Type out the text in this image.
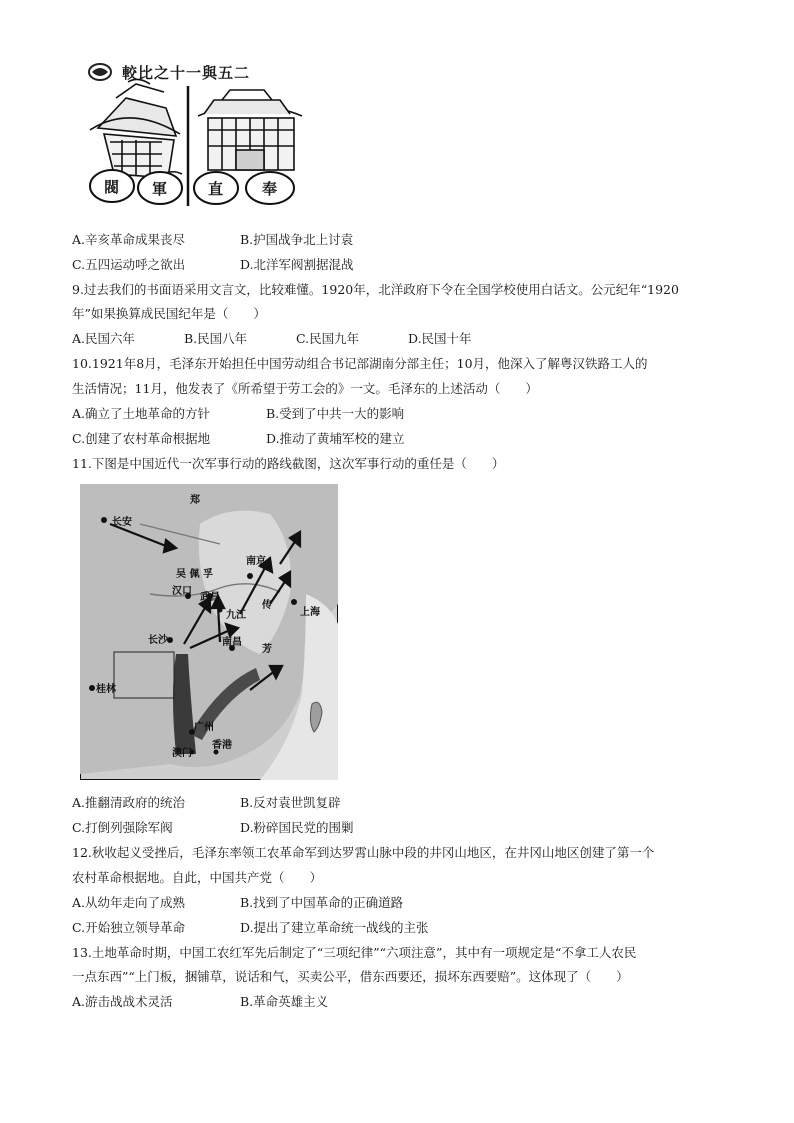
較比之十一與五二
閥 軍	直	奉
A.辛亥革命成果丧尽	B.护国战争北上讨袁
C.五四运动呼之欲出	D.北洋军阀割据混战
9.过去我们的书面语采用文言文，比较难懂。1920年，北洋政府下令在全国学校使用白话文。公元纪年“1920
年”如果换算成民国纪年是（　　）
A.民国六年	B.民国八年	C.民国九年	D.民国十年
10.1921年8月，毛泽东开始担任中国劳动组合书记部湖南分部主任；10月，他深入了解粤汉铁路工人的
生活情况；11月，他发表了《所希望于劳工会的》一文。毛泽东的上述活动（　　）
A.确立了土地革命的方针	B.受到了中共一大的影响
C.创建了农村革命根据地	D.推动了黄埔军校的建立
11.下图是中国近代一次军事行动的路线截图，这次军事行动的重任是（　　）
长安
郑
吴 佩 孚
南京
上海
汉口
武昌
九江
传
长沙	南昌
芳
桂林
广州
澳门
香港
A.推翻清政府的统治	B.反对袁世凯复辟
C.打倒列强除军阀	D.粉碎国民党的围剿
12.秋收起义受挫后，毛泽东率领工农革命军到达罗霄山脉中段的井冈山地区，在井冈山地区创建了第一个
农村革命根据地。自此，中国共产党（　　）
A.从幼年走向了成熟	B.找到了中国革命的正确道路
C.开始独立领导革命	D.提出了建立革命统一战线的主张
13.土地革命时期，中国工农红军先后制定了“三项纪律”“六项注意”，其中有一项规定是“不拿工人农民
一点东西”“上门板，捆铺草，说话和气，买卖公平，借东西要还，损坏东西要赔”。这体现了（　　）
A.游击战战术灵活	B.革命英雄主义
